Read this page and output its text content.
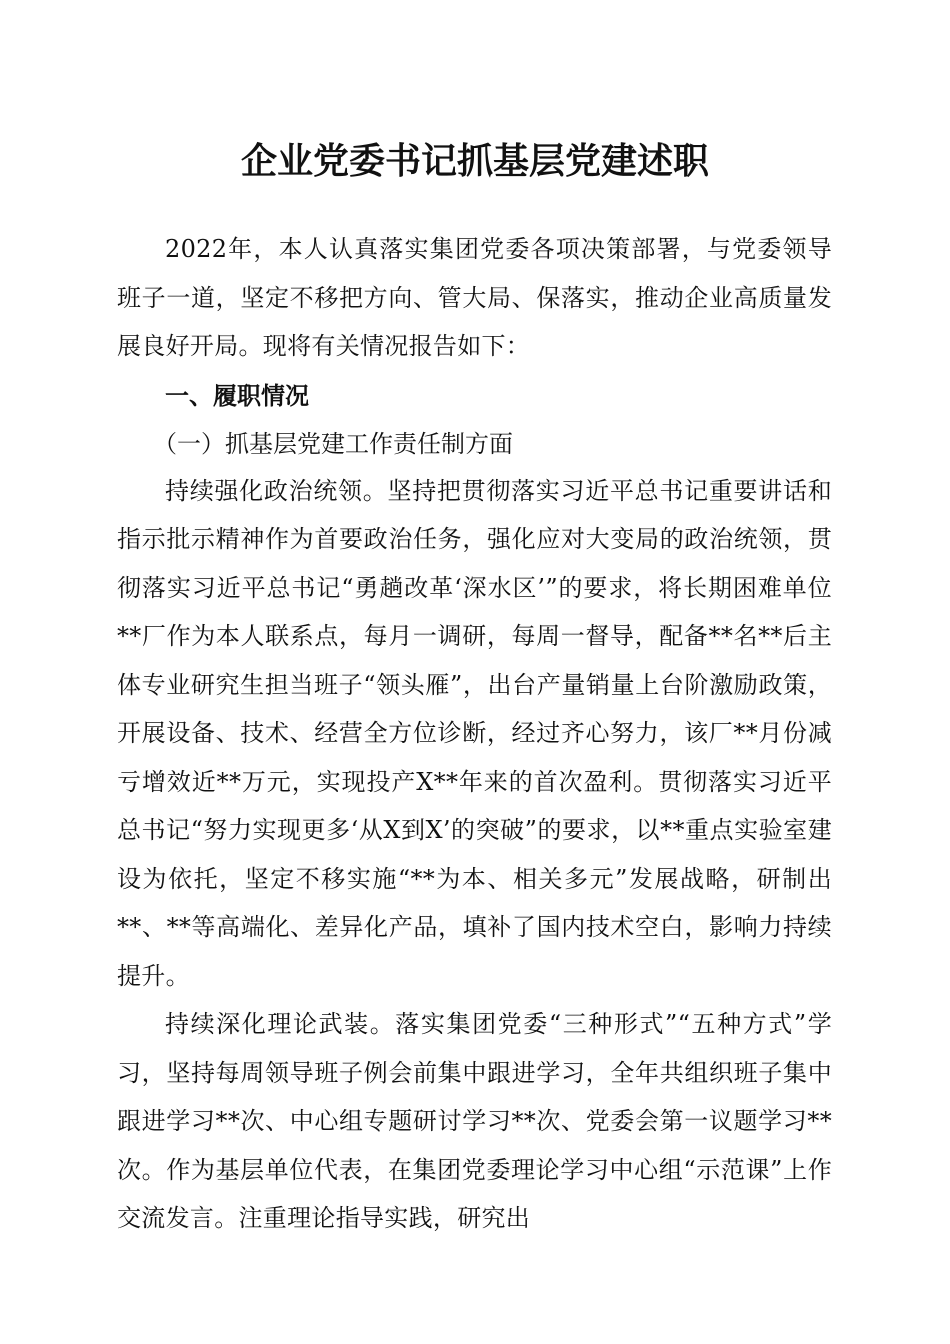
企业党委书记抓基层党建述职

2022年，本人认真落实集团党委各项决策部署，与党委领导班子一道，坚定不移把方向、管大局、保落实，推动企业高质量发展良好开局。现将有关情况报告如下：

一、履职情况
（一）抓基层党建工作责任制方面

持续强化政治统领。坚持把贯彻落实习近平总书记重要讲话和指示批示精神作为首要政治任务，强化应对大变局的政治统领，贯彻落实习近平总书记“勇趟改革‘深水区’”的要求，将长期困难单位**厂作为本人联系点，每月一调研，每周一督导，配备**名**后主体专业研究生担当班子“领头雁”，出台产量销量上台阶激励政策，开展设备、技术、经营全方位诊断，经过齐心努力，该厂**月份减亏增效近**万元，实现投产X**年来的首次盈利。贯彻落实习近平总书记“努力实现更多‘从X到X’的突破”的要求，以**重点实验室建设为依托，坚定不移实施“**为本、相关多元”发展战略，研制出**、**等高端化、差异化产品，填补了国内技术空白，影响力持续提升。

持续深化理论武装。落实集团党委“三种形式”“五种方式”学习，坚持每周领导班子例会前集中跟进学习，全年共组织班子集中跟进学习**次、中心组专题研讨学习**次、党委会第一议题学习**次。作为基层单位代表，在集团党委理论学习中心组“示范课”上作交流发言。注重理论指导实践，研究出
